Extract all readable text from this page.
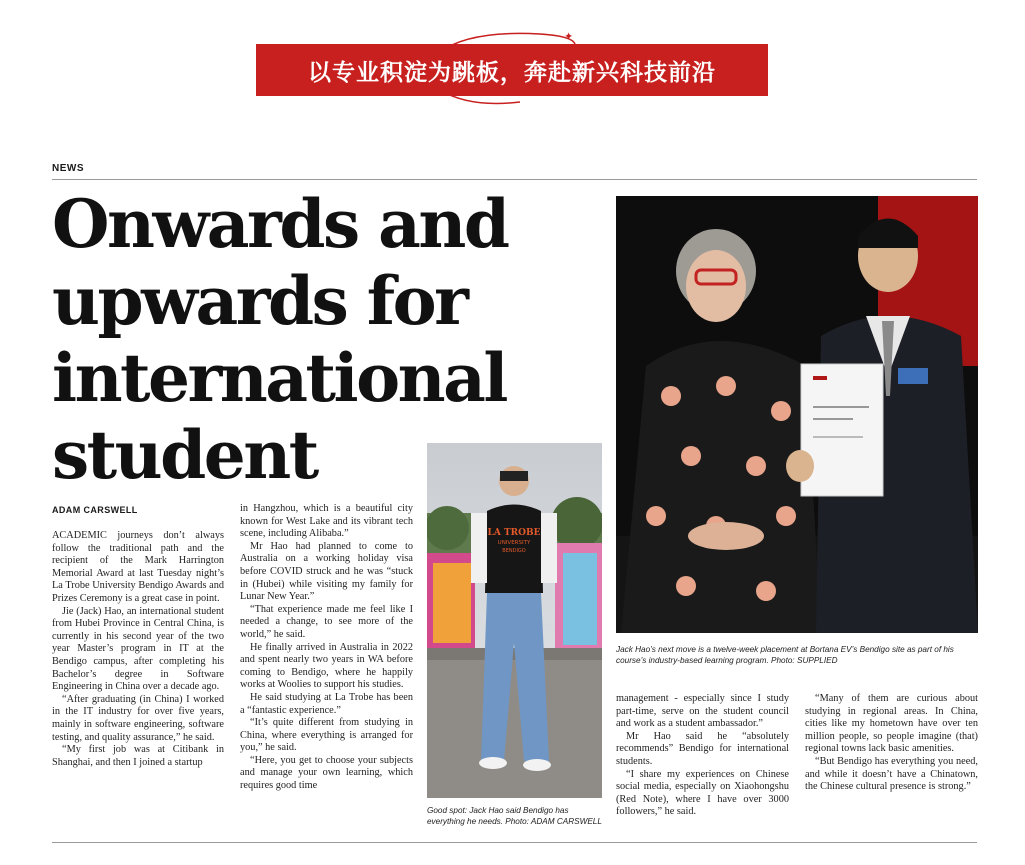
以专业积淀为跳板，奔赴新兴科技前沿
✦
NEWS
Onwards and
upwards for
international
student
ADAM CARSWELL

ACADEMIC journeys don’t always follow the traditional path and the recipient of the Mark Harrington Memorial Award at last Tuesday night’s La Trobe University Bendigo Awards and Prizes Ceremony is a great case in point.

Jie (Jack) Hao, an international student from Hubei Province in Central China, is currently in his second year of the two year Master’s program in IT at the Bendigo campus, after completing his Bachelor’s degree in Software Engineering in China over a decade ago.

“After graduating (in China) I worked in the IT industry for over five years, mainly in software engineering, software testing, and quality assurance,” he said.

“My first job was at Citibank in Shanghai, and then I joined a startup

in Hangzhou, which is a beautiful city known for West Lake and its vibrant tech scene, including Alibaba.”

Mr Hao had planned to come to Australia on a working holiday visa before COVID struck and he was “stuck in (Hubei) while visiting my family for Lunar New Year.”

“That experience made me feel like I needed a change, to see more of the world,” he said.

He finally arrived in Australia in 2022 and spent nearly two years in WA before coming to Bendigo, where he happily works at Woolies to support his studies.

He said studying at La Trobe has been a “fantastic experience.”

“It’s quite different from studying in China, where everything is arranged for you,” he said.

“Here, you get to choose your subjects and manage your own learning, which requires good time

LA TROBE
UNIVERSITY
BENDIGO
Good spot: Jack Hao said Bendigo has everything he needs. Photo: ADAM CARSWELL
Jack Hao’s next move is a twelve-week placement at Bortana EV’s Bendigo site as part of his course’s industry-based learning program. Photo: SUPPLIED

management - especially since I study part-time, serve on the student council and work as a student ambassador.”

Mr Hao said he “absolutely recommends” Bendigo for international students.

“I share my experiences on Chinese social media, especially on Xiaohongshu (Red Note), where I have over 3000 followers,” he said.

“Many of them are curious about studying in regional areas. In China, cities like my hometown have over ten million people, so people imagine (that) regional towns lack basic amenities.

“But Bendigo has everything you need, and while it doesn’t have a Chinatown, the Chinese cultural presence is strong.”
